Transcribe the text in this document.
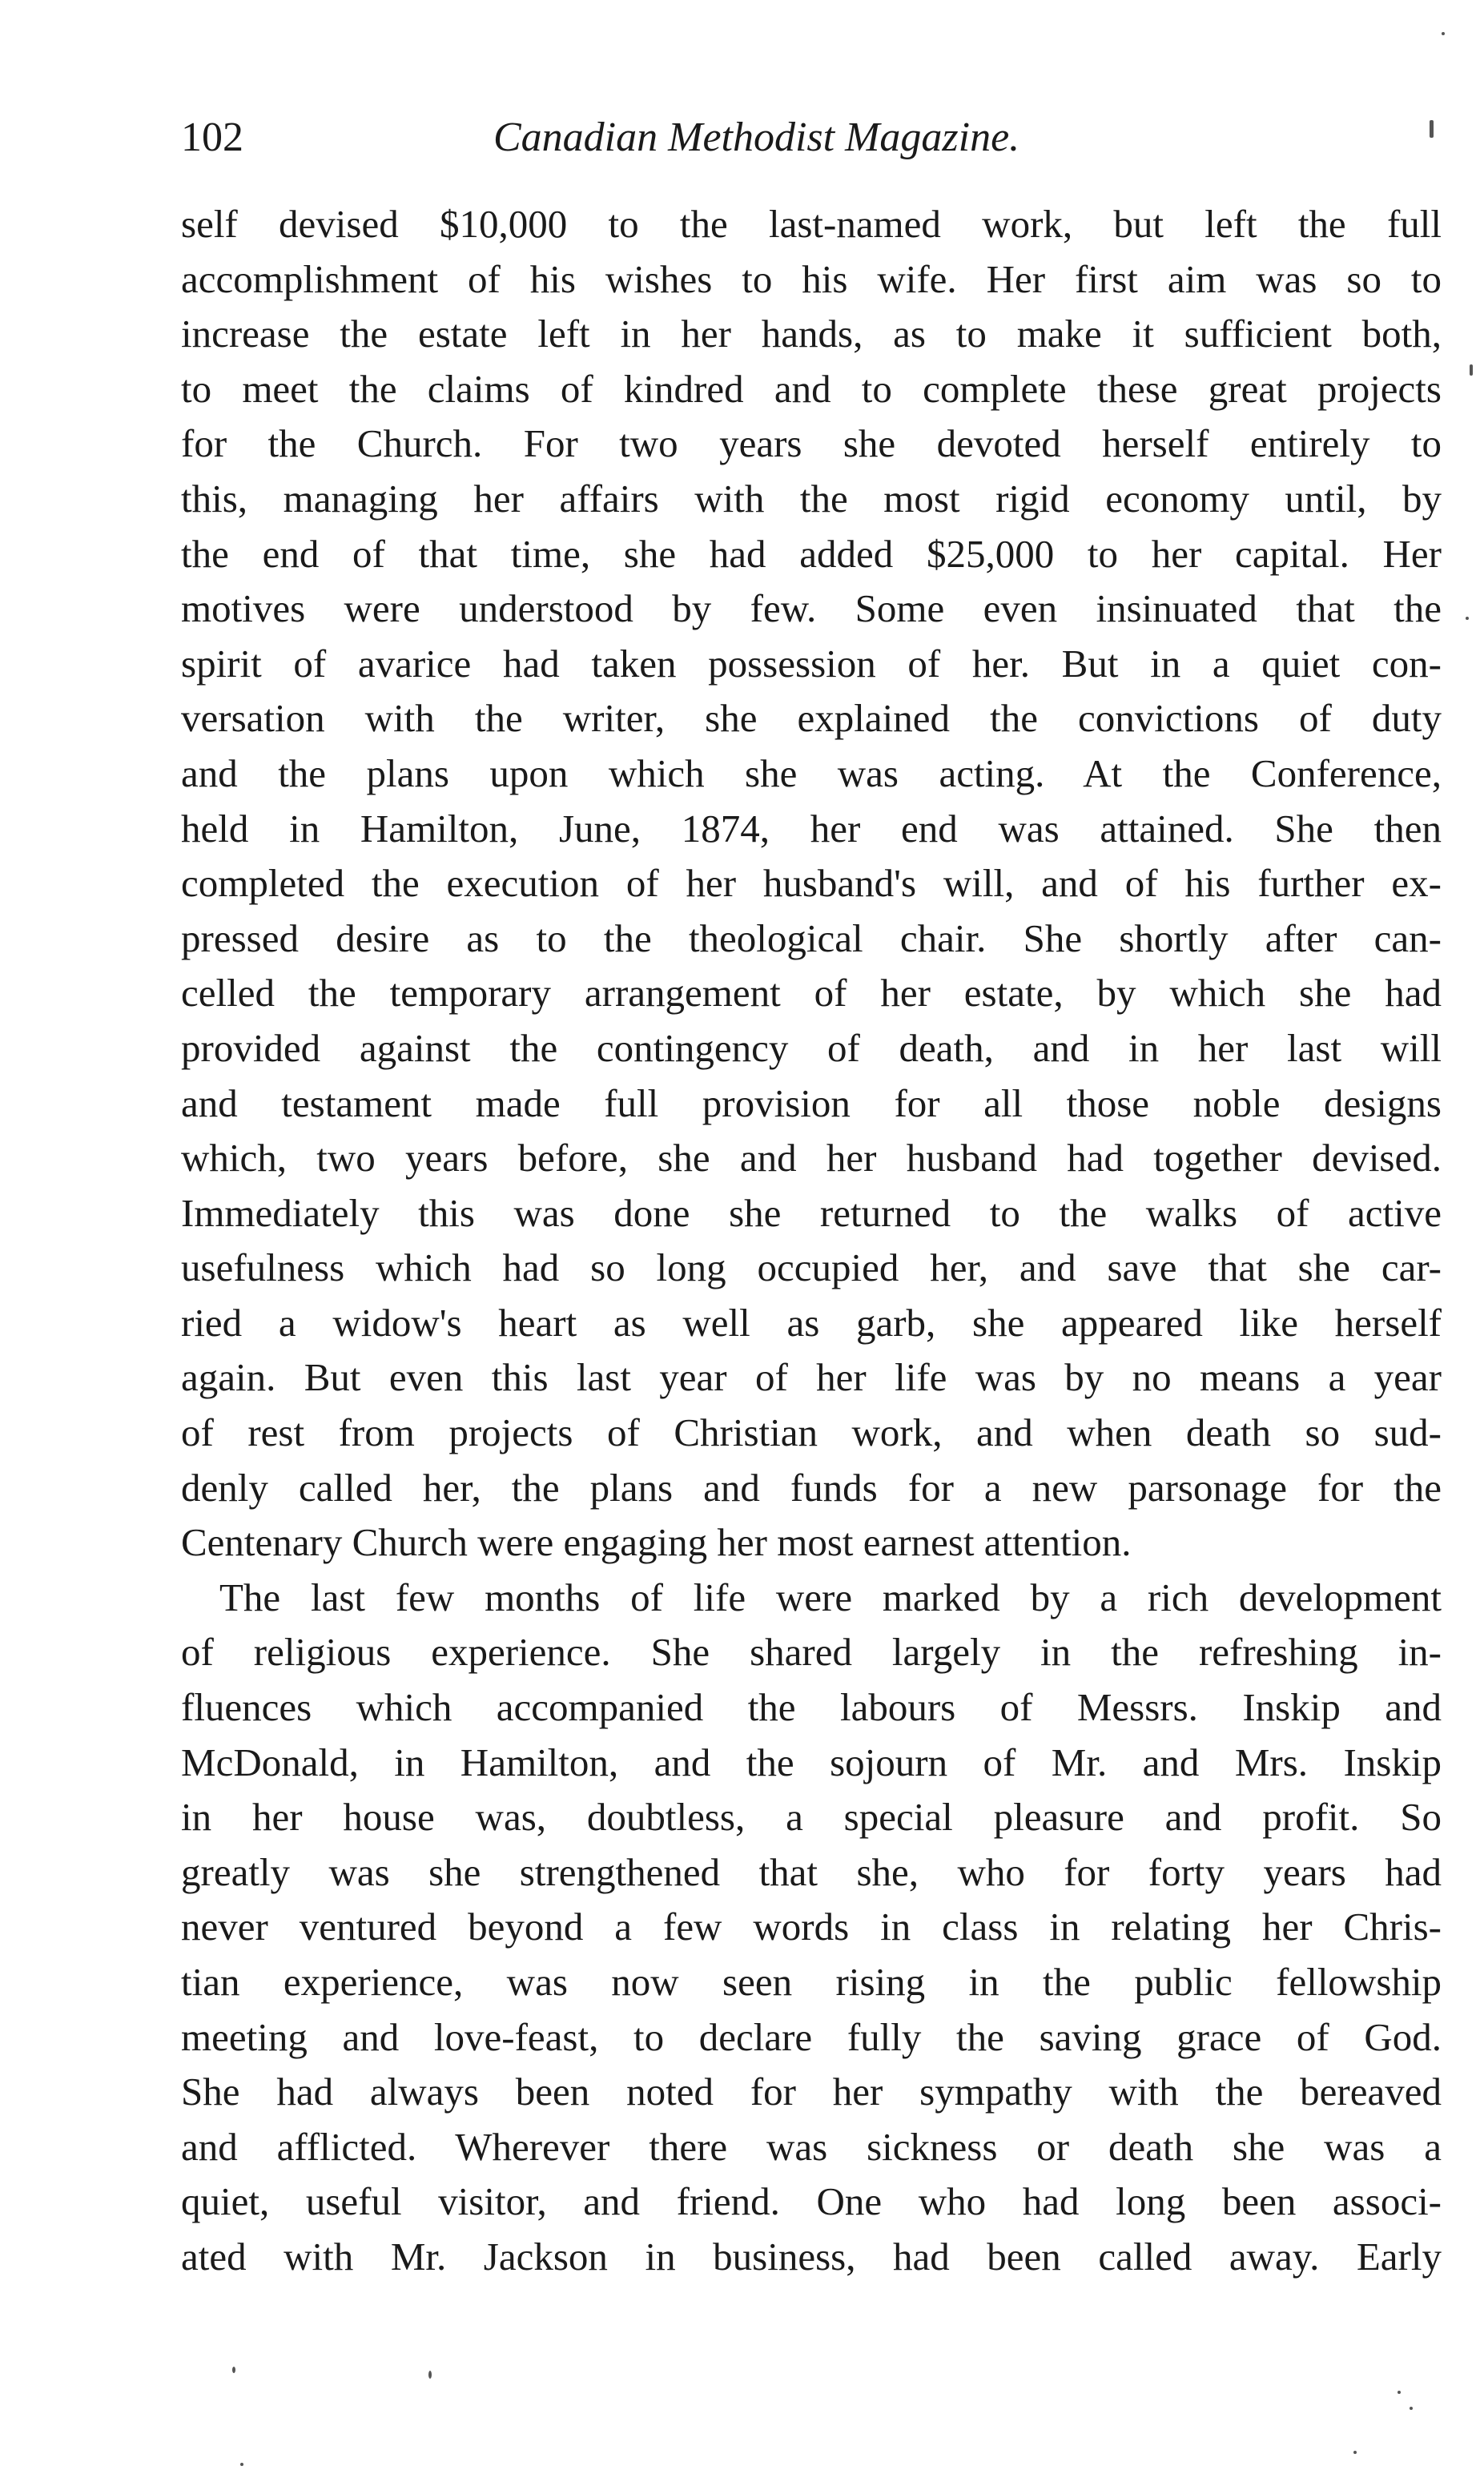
102	Canadian Methodist Magazine.
self devised $10,000 to the last-named work, but left the full
accomplishment of his wishes to his wife. Her first aim was so to
increase the estate left in her hands, as to make it sufficient both,
to meet the claims of kindred and to complete these great projects
for the Church. For two years she devoted herself entirely to
this, managing her affairs with the most rigid economy until, by
the end of that time, she had added $25,000 to her capital. Her
motives were understood by few. Some even insinuated that the
spirit of avarice had taken possession of her. But in a quiet con-
versation with the writer, she explained the convictions of duty
and the plans upon which she was acting. At the Conference,
held in Hamilton, June, 1874, her end was attained. She then
completed the execution of her husband's will, and of his further ex-
pressed desire as to the theological chair. She shortly after can-
celled the temporary arrangement of her estate, by which she had
provided against the contingency of death, and in her last will
and testament made full provision for all those noble designs
which, two years before, she and her husband had together devised.
Immediately this was done she returned to the walks of active
usefulness which had so long occupied her, and save that she car-
ried a widow's heart as well as garb, she appeared like herself
again. But even this last year of her life was by no means a year
of rest from projects of Christian work, and when death so sud-
denly called her, the plans and funds for a new parsonage for the
Centenary Church were engaging her most earnest attention.
The last few months of life were marked by a rich development
of religious experience. She shared largely in the refreshing in-
fluences which accompanied the labours of Messrs. Inskip and
McDonald, in Hamilton, and the sojourn of Mr. and Mrs. Inskip
in her house was, doubtless, a special pleasure and profit. So
greatly was she strengthened that she, who for forty years had
never ventured beyond a few words in class in relating her Chris-
tian experience, was now seen rising in the public fellowship
meeting and love-feast, to declare fully the saving grace of God.
She had always been noted for her sympathy with the bereaved
and afflicted. Wherever there was sickness or death she was a
quiet, useful visitor, and friend. One who had long been associ-
ated with Mr. Jackson in business, had been called away. Early
